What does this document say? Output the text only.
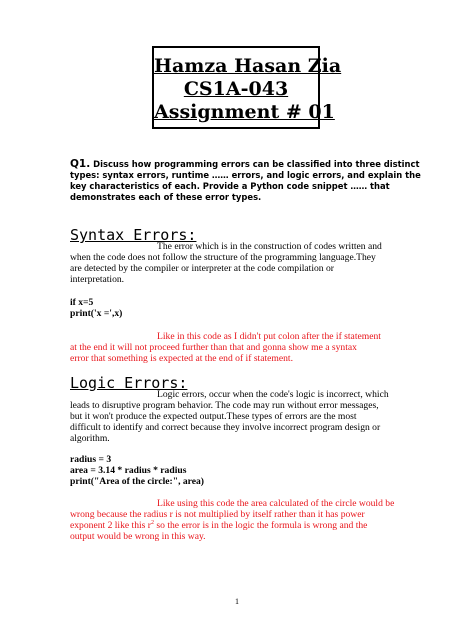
Hamza Hasan Zia
CS1A-043
Assignment # 01
Q1. Discuss how programming errors can be classified into three distinct
types: syntax errors, runtime …… errors, and logic errors, and explain the
key characteristics of each. Provide a Python code snippet …… that
demonstrates each of these error types.
Syntax Errors:
The error which is in the construction of codes written and
when the code does not follow the structure of the programming language.They
are detected by the compiler or interpreter at the code compilation or
interpretation.
if x=5
print('x =',x)
Like in this code as I didn't put colon after the if statement
at the end it will not proceed further than that and gonna show me a syntax
error that something is expected at the end of if statement.
Logic Errors:
Logic errors, occur when the code's logic is incorrect, which
leads to disruptive program behavior. The code may run without error messages,
but it won't produce the expected output.These types of errors are the most
difficult to identify and correct because they involve incorrect program design or
algorithm.
radius = 3
area = 3.14 * radius * radius
print("Area of the circle:", area)
Like using this code the area calculated of the circle would be
wrong because the radius r is not multiplied by itself rather than it has power
exponent 2 like this $r^2$ so the error is in the logic the formula is wrong and the
output would be wrong in this way.
1
